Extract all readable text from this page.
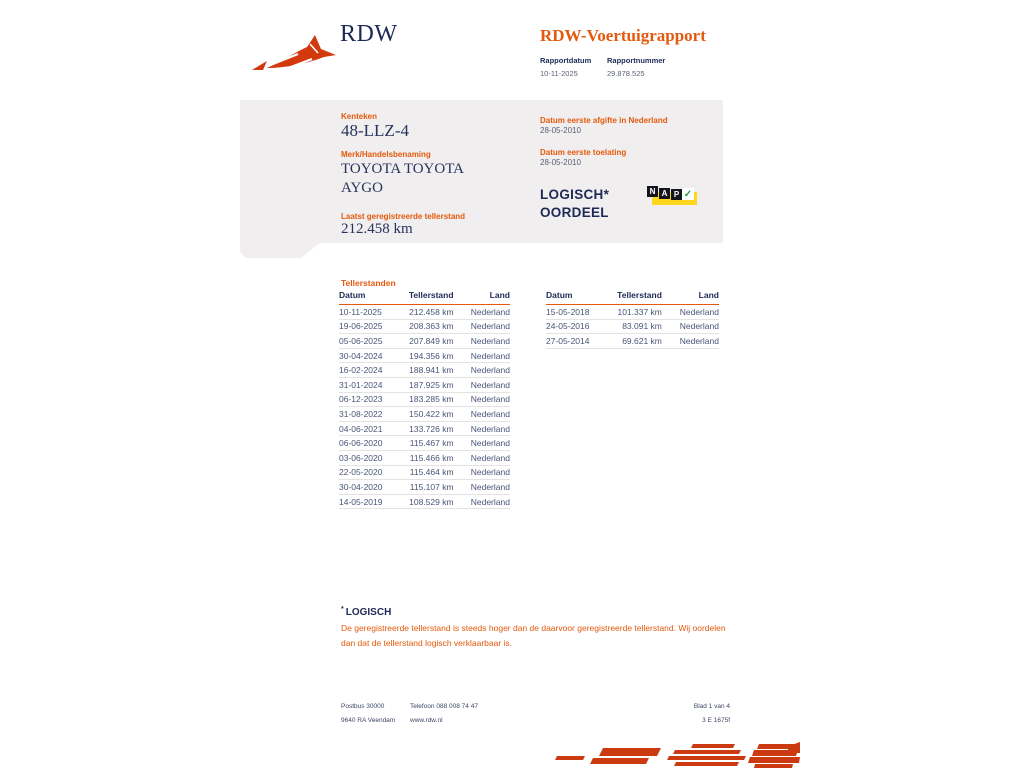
RDW	RDW-Voertuigrapport
Rapportdatum
10-11-2025
Rapportnummer
29.878.525
Kenteken
48-LLZ-4
Merk/Handelsbenaming
TOYOTA TOYOTA AYGO
Laatst geregistreerde tellerstand
212.458 km
Datum eerste afgifte in Nederland
28-05-2010
Datum eerste toelating
28-05-2010
LOGISCH*
OORDEEL
N A P ✓
Tellerstanden
Datum	Tellerstand	Land
10-11-2025	212.458 km	Nederland
19-06-2025	208.363 km	Nederland
05-06-2025	207.849 km	Nederland
30-04-2024	194.356 km	Nederland
16-02-2024	188.941 km	Nederland
31-01-2024	187.925 km	Nederland
06-12-2023	183.285 km	Nederland
31-08-2022	150.422 km	Nederland
04-06-2021	133.726 km	Nederland
06-06-2020	115.467 km	Nederland
03-06-2020	115.466 km	Nederland
22-05-2020	115.464 km	Nederland
30-04-2020	115.107 km	Nederland
14-05-2019	108.529 km	Nederland
Datum	Tellerstand	Land
15-05-2018	101.337 km	Nederland
24-05-2016	83.091 km	Nederland
27-05-2014	69.621 km	Nederland
* LOGISCH
De geregistreerde tellerstand is steeds hoger dan de daarvoor geregistreerde tellerstand. Wij oordelen dan dat de tellerstand logisch verklaarbaar is.
Postbus 30000
9640 RA Veendam
Telefoon 088 008 74 47
www.rdw.nl
Blad 1 van 4
3 E 1675f
